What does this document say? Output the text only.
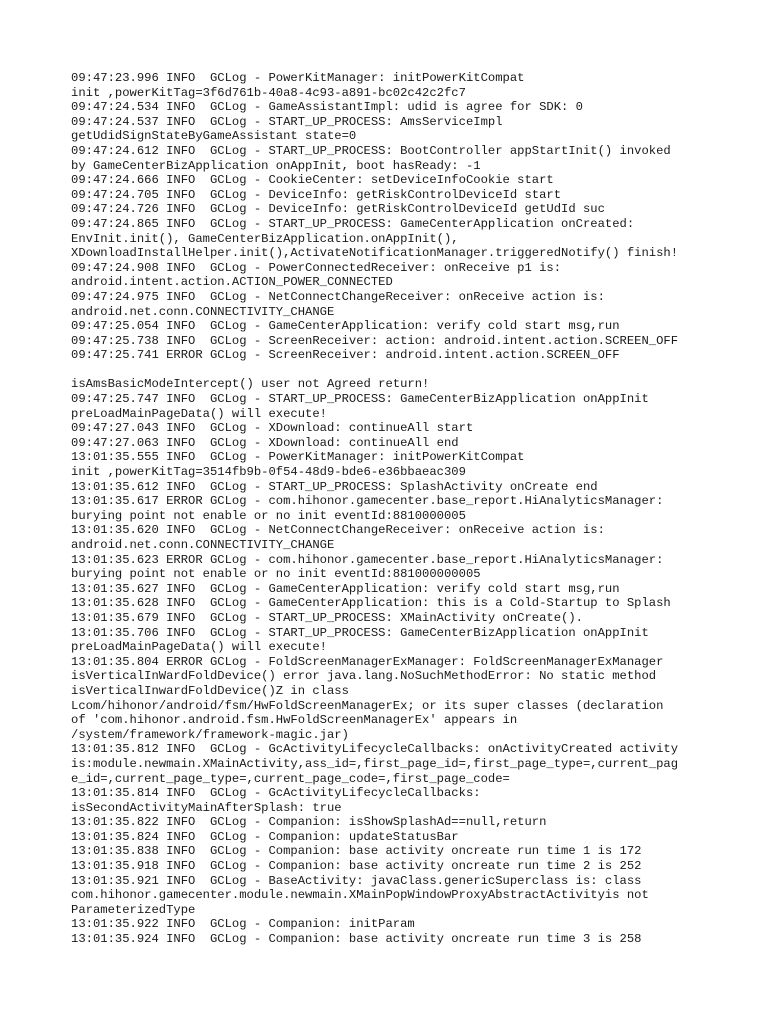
09:47:23.996 INFO  GCLog - PowerKitManager: initPowerKitCompat
init ,powerKitTag=3f6d761b-40a8-4c93-a891-bc02c42c2fc7
09:47:24.534 INFO  GCLog - GameAssistantImpl: udid is agree for SDK: 0
09:47:24.537 INFO  GCLog - START_UP_PROCESS: AmsServiceImpl
getUdidSignStateByGameAssistant state=0
09:47:24.612 INFO  GCLog - START_UP_PROCESS: BootController appStartInit() invoked
by GameCenterBizApplication onAppInit, boot hasReady: -1
09:47:24.666 INFO  GCLog - CookieCenter: setDeviceInfoCookie start
09:47:24.705 INFO  GCLog - DeviceInfo: getRiskControlDeviceId start
09:47:24.726 INFO  GCLog - DeviceInfo: getRiskControlDeviceId getUdId suc
09:47:24.865 INFO  GCLog - START_UP_PROCESS: GameCenterApplication onCreated:
EnvInit.init(), GameCenterBizApplication.onAppInit(),
XDownloadInstallHelper.init(),ActivateNotificationManager.triggeredNotify() finish!
09:47:24.908 INFO  GCLog - PowerConnectedReceiver: onReceive p1 is:
android.intent.action.ACTION_POWER_CONNECTED
09:47:24.975 INFO  GCLog - NetConnectChangeReceiver: onReceive action is:
android.net.conn.CONNECTIVITY_CHANGE
09:47:25.054 INFO  GCLog - GameCenterApplication: verify cold start msg,run
09:47:25.738 INFO  GCLog - ScreenReceiver: action: android.intent.action.SCREEN_OFF
09:47:25.741 ERROR GCLog - ScreenReceiver: android.intent.action.SCREEN_OFF
isAmsBasicModeIntercept() user not Agreed return!
09:47:25.747 INFO  GCLog - START_UP_PROCESS: GameCenterBizApplication onAppInit
preLoadMainPageData() will execute!
09:47:27.043 INFO  GCLog - XDownload: continueAll start
09:47:27.063 INFO  GCLog - XDownload: continueAll end
13:01:35.555 INFO  GCLog - PowerKitManager: initPowerKitCompat
init ,powerKitTag=3514fb9b-0f54-48d9-bde6-e36bbaeac309
13:01:35.612 INFO  GCLog - START_UP_PROCESS: SplashActivity onCreate end
13:01:35.617 ERROR GCLog - com.hihonor.gamecenter.base_report.HiAnalyticsManager:
burying point not enable or no init eventId:8810000005
13:01:35.620 INFO  GCLog - NetConnectChangeReceiver: onReceive action is:
android.net.conn.CONNECTIVITY_CHANGE
13:01:35.623 ERROR GCLog - com.hihonor.gamecenter.base_report.HiAnalyticsManager:
burying point not enable or no init eventId:881000000005
13:01:35.627 INFO  GCLog - GameCenterApplication: verify cold start msg,run
13:01:35.628 INFO  GCLog - GameCenterApplication: this is a Cold-Startup to Splash
13:01:35.679 INFO  GCLog - START_UP_PROCESS: XMainActivity onCreate().
13:01:35.706 INFO  GCLog - START_UP_PROCESS: GameCenterBizApplication onAppInit
preLoadMainPageData() will execute!
13:01:35.804 ERROR GCLog - FoldScreenManagerExManager: FoldScreenManagerExManager
isVerticalInWardFoldDevice() error java.lang.NoSuchMethodError: No static method
isVerticalInwardFoldDevice()Z in class
Lcom/hihonor/android/fsm/HwFoldScreenManagerEx; or its super classes (declaration
of 'com.hihonor.android.fsm.HwFoldScreenManagerEx' appears in
/system/framework/framework-magic.jar)
13:01:35.812 INFO  GCLog - GcActivityLifecycleCallbacks: onActivityCreated activity
is:module.newmain.XMainActivity,ass_id=,first_page_id=,first_page_type=,current_pag
e_id=,current_page_type=,current_page_code=,first_page_code=
13:01:35.814 INFO  GCLog - GcActivityLifecycleCallbacks:
isSecondActivityMainAfterSplash: true
13:01:35.822 INFO  GCLog - Companion: isShowSplashAd==null,return
13:01:35.824 INFO  GCLog - Companion: updateStatusBar
13:01:35.838 INFO  GCLog - Companion: base activity oncreate run time 1 is 172
13:01:35.918 INFO  GCLog - Companion: base activity oncreate run time 2 is 252
13:01:35.921 INFO  GCLog - BaseActivity: javaClass.genericSuperclass is: class
com.hihonor.gamecenter.module.newmain.XMainPopWindowProxyAbstractActivityis not
ParameterizedType
13:01:35.922 INFO  GCLog - Companion: initParam
13:01:35.924 INFO  GCLog - Companion: base activity oncreate run time 3 is 258
